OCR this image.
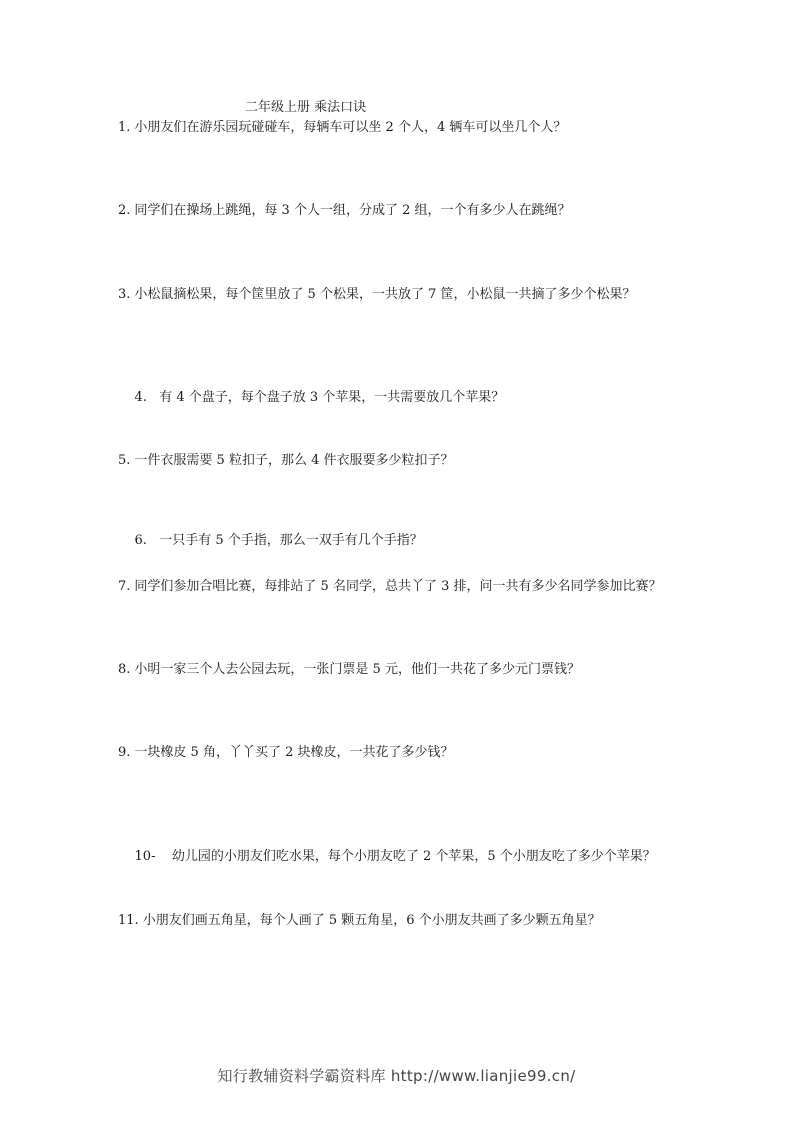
二年级上册 乘法口诀
1. 小朋友们在游乐园玩碰碰车，每辆车可以坐 2 个人，4 辆车可以坐几个人？
2. 同学们在操场上跳绳，每 3 个人一组，分成了 2 组，一个有多少人在跳绳？
3. 小松鼠摘松果，每个筐里放了 5 个松果，一共放了 7 筐，小松鼠一共摘了多少个松果？

4.  有 4 个盘子，每个盘子放 3 个苹果，一共需要放几个苹果？

5. 一件衣服需要 5 粒扣子，那么 4 件衣服要多少粒扣子？

6.  一只手有 5 个手指，那么一双手有几个手指？

7. 同学们参加合唱比赛，每排站了 5 名同学，总共丫了 3 排，问一共有多少名同学参加比赛？
8. 小明一家三个人去公园去玩，一张门票是 5 元，他们一共花了多少元门票钱？
9. 一块橡皮 5 角，丫丫买了 2 块橡皮，一共花了多少钱？

10-   幼儿园的小朋友们吃水果，每个小朋友吃了 2 个苹果，5 个小朋友吃了多少个苹果？

11. 小朋友们画五角星，每个人画了 5 颗五角星，6 个小朋友共画了多少颗五角星？
知行教辅资料学霸资料库 http://www.lianjie99.cn/
